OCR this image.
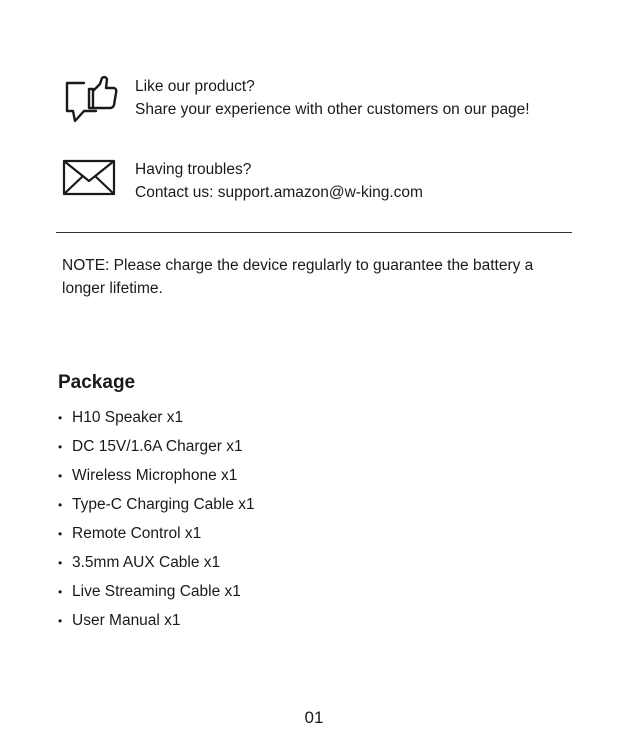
Like our product?
Share your experience with other customers on our page!
Having troubles?
Contact us: support.amazon@w-king.com
NOTE: Please charge the device regularly to guarantee the battery a longer lifetime.
Package
• H10 Speaker x1
• DC 15V/1.6A Charger x1
• Wireless Microphone x1
• Type-C Charging Cable x1
• Remote Control x1
• 3.5mm AUX Cable x1
• Live Streaming Cable x1
• User Manual x1
01
